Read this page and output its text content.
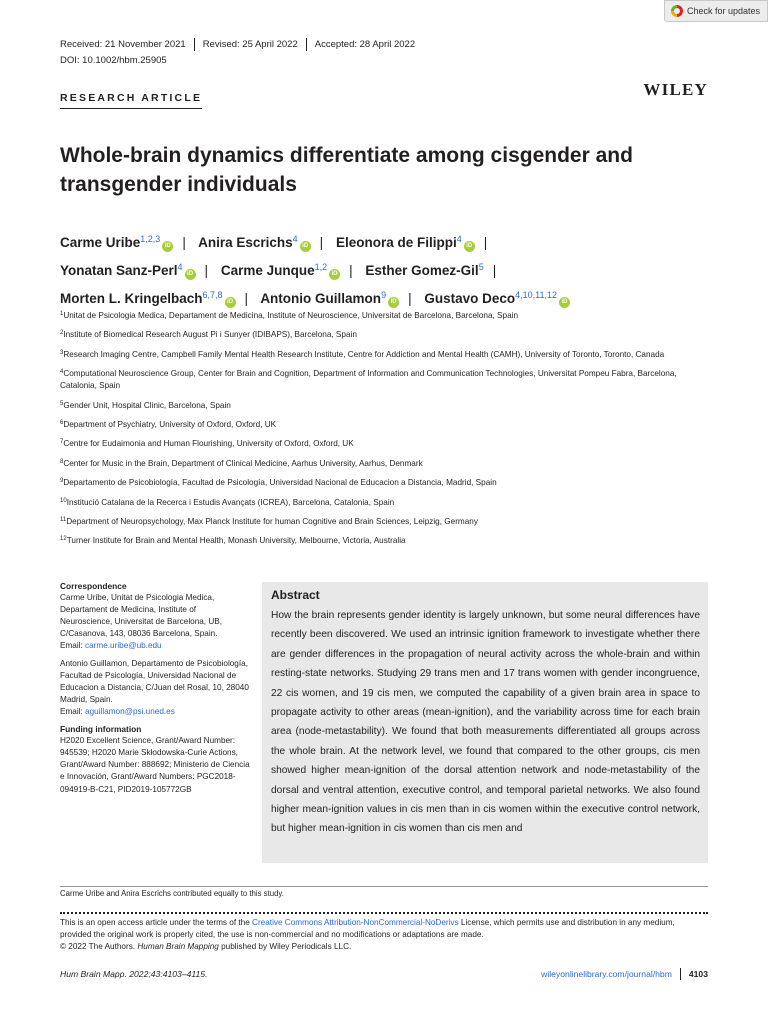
Check for updates
Received: 21 November 2021	Revised: 25 April 2022	Accepted: 28 April 2022
DOI: 10.1002/hbm.25905
RESEARCH ARTICLE	WILEY
Whole-brain dynamics differentiate among cisgender and transgender individuals
Carme Uribe$^{1,2,3}$iD | Anira Escrichs$^4$iD | Eleonora de Filippi$^4$iD |
Yonatan Sanz-Perl$^4$iD | Carme Junque$^{1,2}$iD | Esther Gomez-Gil$^5$ |
Morten L. Kringelbach$^{6,7,8}$iD | Antonio Guillamon$^9$iD | Gustavo Deco$^{4,10,11,12}$iD
$^1$Unitat de Psicologia Medica, Departament de Medicina, Institute of Neuroscience, Universitat de Barcelona, Barcelona, Spain
$^2$Institute of Biomedical Research August Pi i Sunyer (IDIBAPS), Barcelona, Spain
$^3$Research Imaging Centre, Campbell Family Mental Health Research Institute, Centre for Addiction and Mental Health (CAMH), University of Toronto, Toronto, Canada
$^4$Computational Neuroscience Group, Center for Brain and Cognition, Department of Information and Communication Technologies, Universitat Pompeu Fabra, Barcelona, Catalonia, Spain
$^5$Gender Unit, Hospital Clinic, Barcelona, Spain
$^6$Department of Psychiatry, University of Oxford, Oxford, UK
$^7$Centre for Eudaimonia and Human Flourishing, University of Oxford, Oxford, UK
$^8$Center for Music in the Brain, Department of Clinical Medicine, Aarhus University, Aarhus, Denmark
$^9$Departamento de Psicobiología, Facultad de Psicología, Universidad Nacional de Educacion a Distancia, Madrid, Spain
$^{10}$Institució Catalana de la Recerca i Estudis Avançats (ICREA), Barcelona, Catalonia, Spain
$^{11}$Department of Neuropsychology, Max Planck Institute for human Cognitive and Brain Sciences, Leipzig, Germany
$^{12}$Turner Institute for Brain and Mental Health, Monash University, Melbourne, Victoria, Australia
Correspondence

Carme Uribe, Unitat de Psicologia Medica, Departament de Medicina, Institute of Neuroscience, Universitat de Barcelona, UB, C/Casanova, 143, 08036 Barcelona, Spain.
Email: carme.uribe@ub.edu

Antonio Guillamon, Departamento de Psicobiología, Facultad de Psicología, Universidad Nacional de Educacion a Distancia, C/Juan del Rosal, 10, 28040 Madrid, Spain.
Email: aguillamon@psi.uned.es

Funding information

H2020 Excellent Science, Grant/Award Number: 945539; H2020 Marie Skłodowska-Curie Actions, Grant/Award Number: 888692; Ministerio de Ciencia e Innovación, Grant/Award Numbers: PGC2018-094919-B-C21, PID2019-105772GB

Abstract

How the brain represents gender identity is largely unknown, but some neural differences have recently been discovered. We used an intrinsic ignition framework to investigate whether there are gender differences in the propagation of neural activity across the whole-brain and within resting-state networks. Studying 29 trans men and 17 trans women with gender incongruence, 22 cis women, and 19 cis men, we computed the capability of a given brain area in space to propagate activity to other areas (mean-ignition), and the variability across time for each brain area (node-metastability). We found that both measurements differentiated all groups across the whole brain. At the network level, we found that compared to the other groups, cis men showed higher mean-ignition of the dorsal attention network and node-metastability of the dorsal and ventral attention, executive control, and temporal parietal networks. We also found higher mean-ignition values in cis men than in cis women within the executive control network, but higher mean-ignition in cis women than cis men and

Carme Uribe and Anira Escrichs contributed equally to this study.
This is an open access article under the terms of the Creative Commons Attribution-NonCommercial-NoDerivs License, which permits use and distribution in any medium, provided the original work is properly cited, the use is non-commercial and no modifications or adaptations are made.
© 2022 The Authors. Human Brain Mapping published by Wiley Periodicals LLC.
Hum Brain Mapp. 2022;43:4103–4115.	wileyonlinelibrary.com/journal/hbm	4103
